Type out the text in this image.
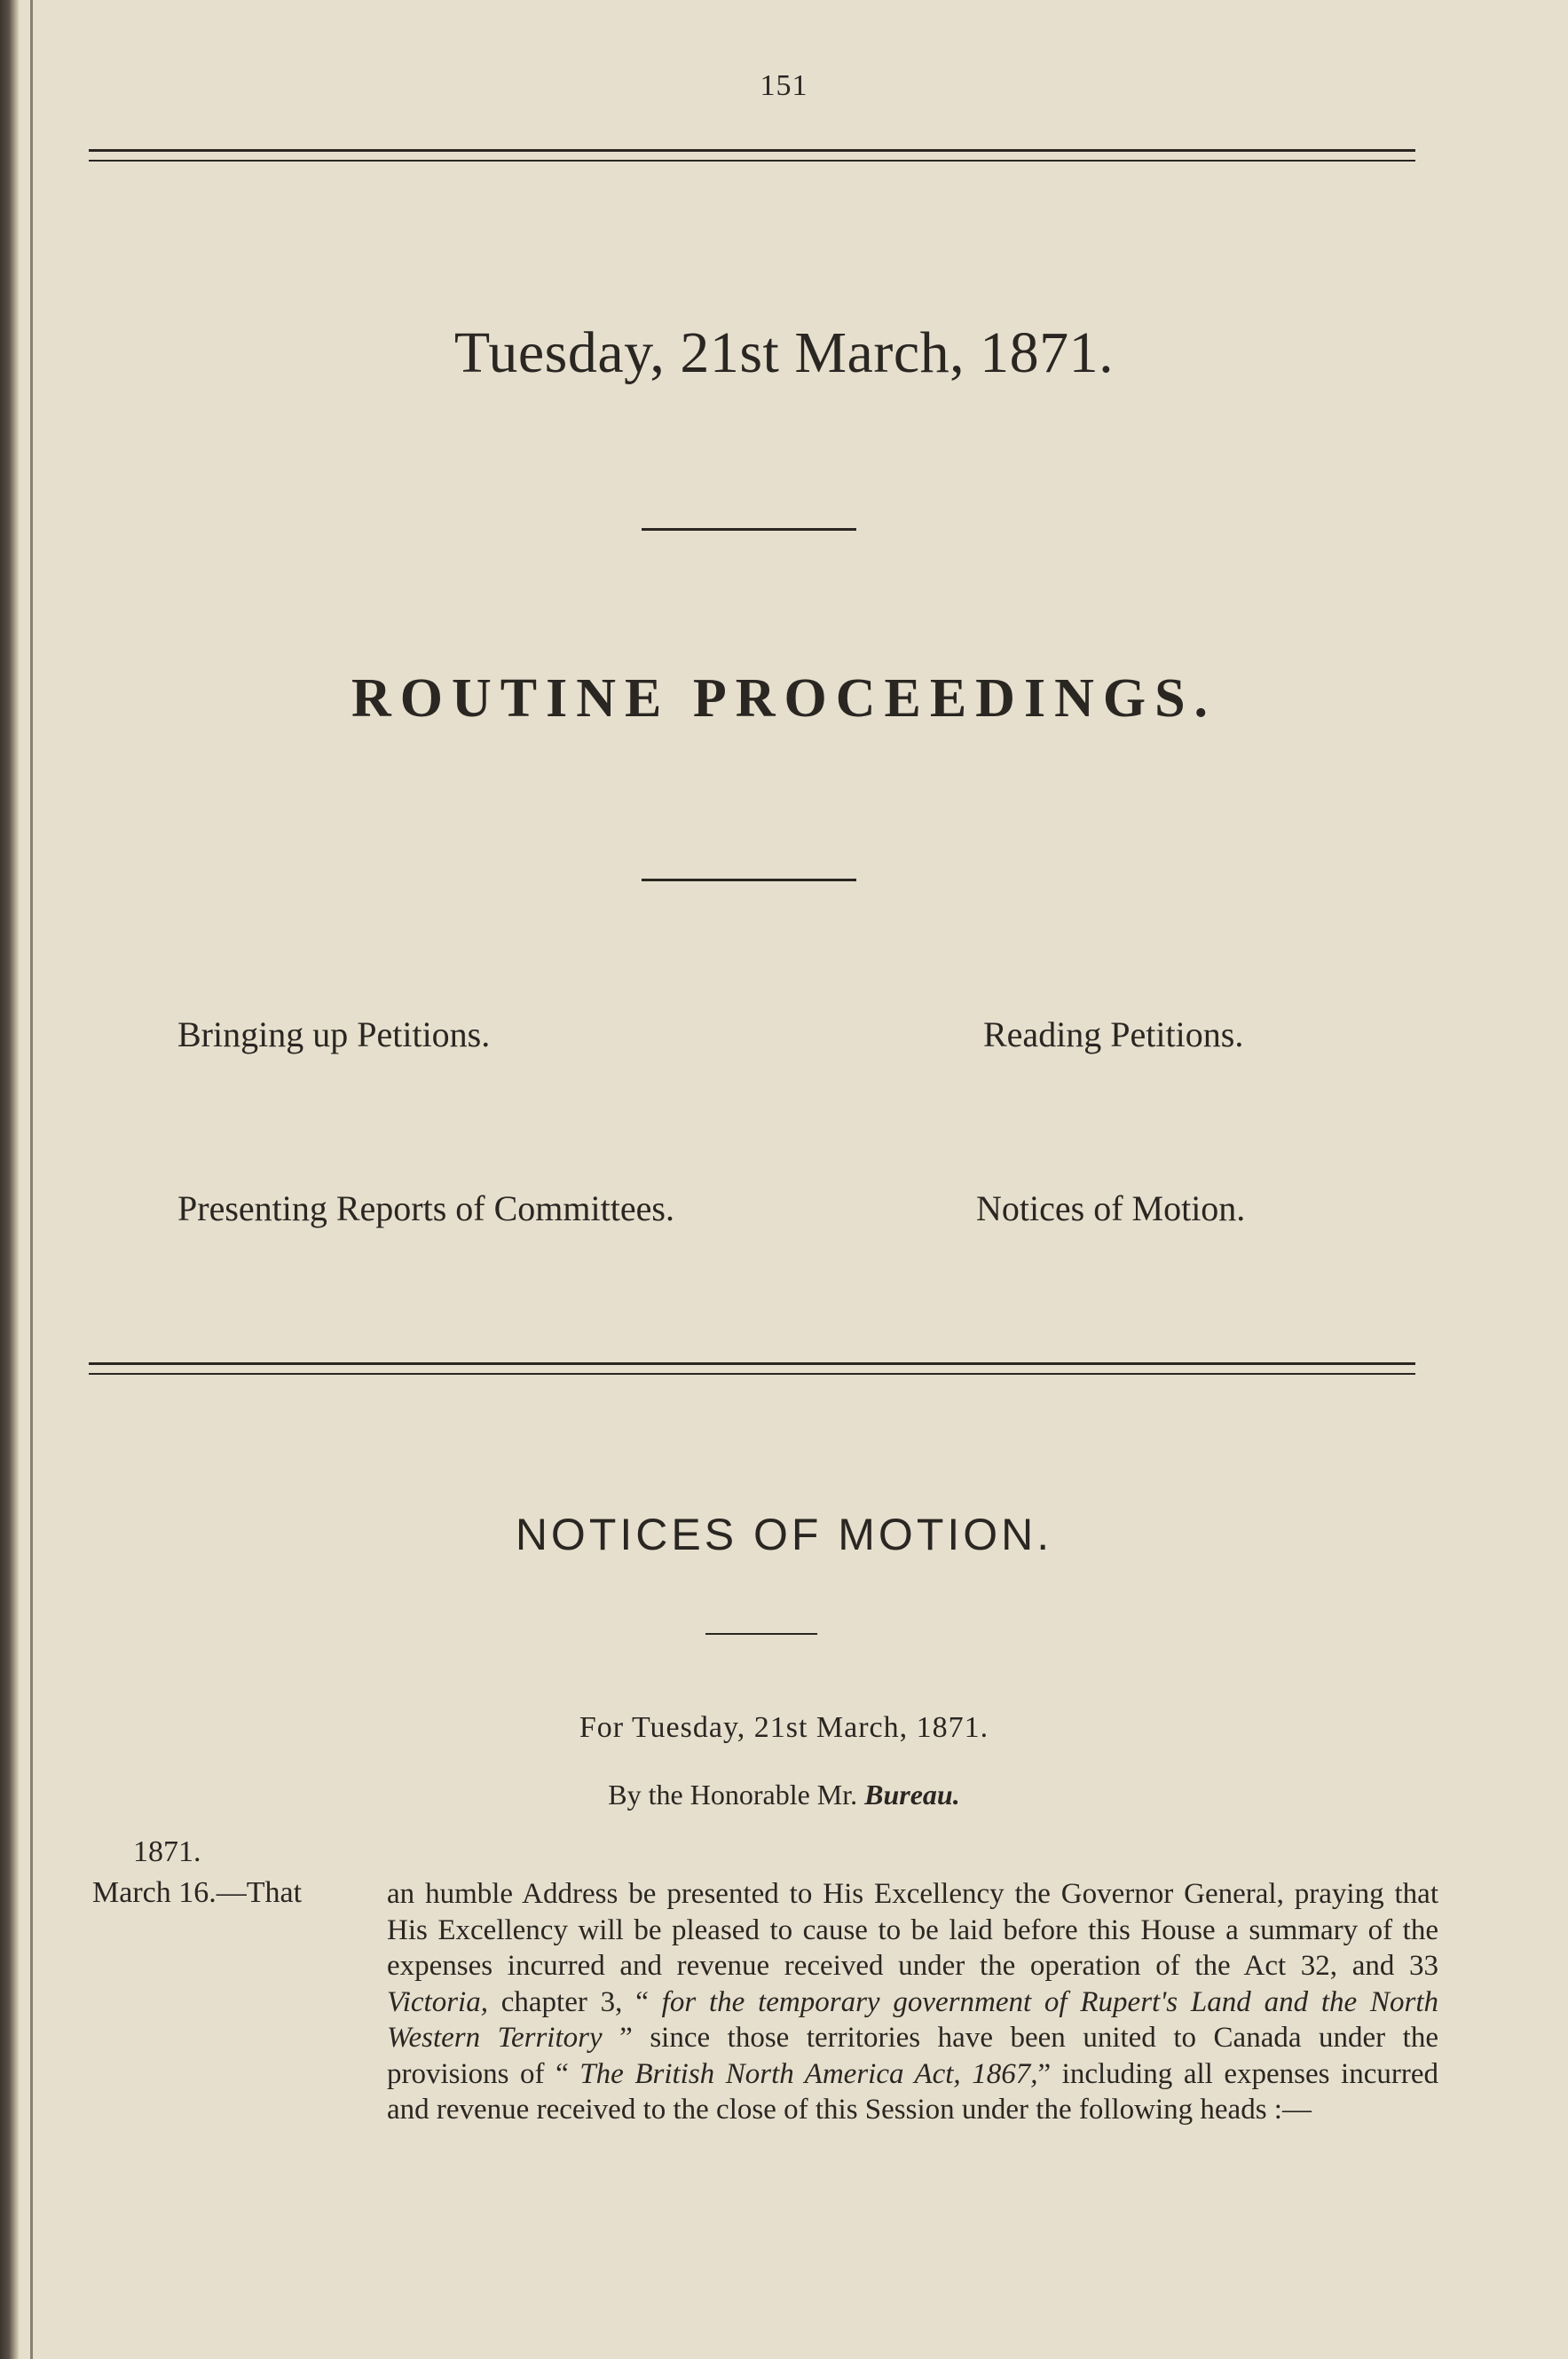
151
Tuesday, 21st March, 1871.
ROUTINE PROCEEDINGS.
Bringing up Petitions.	Reading Petitions.
Presenting Reports of Committees.	Notices of Motion.
NOTICES OF MOTION.
For Tuesday, 21st March, 1871.
By the Honorable Mr. Bureau.
1871.
March 16.—That	an humble Address be presented to His Excellency the Governor General, praying that His Excellency will be pleased to cause to be laid before this House a summary of the expenses incurred and revenue received under the operation of the Act 32, and 33 Victoria, chapter 3, “ for the temporary government of Rupert's Land and the North Western Territory ” since those territories have been united to Canada under the provisions of “ The British North America Act, 1867,” including all expenses incurred and revenue received to the close of this Session under the following heads :—
